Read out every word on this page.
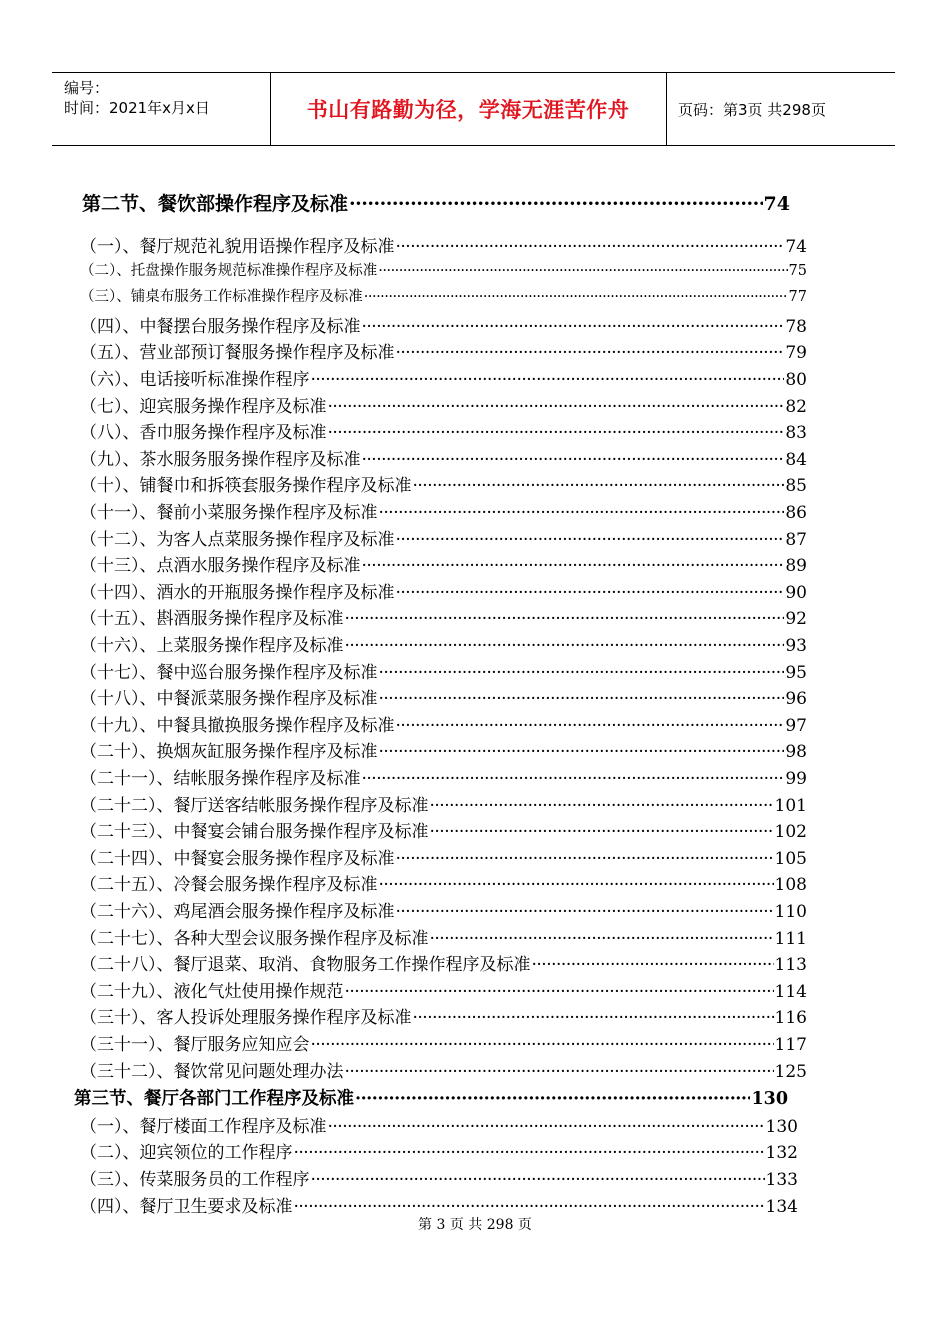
编号：
时间：2021年x月x日	书山有路勤为径，学海无涯苦作舟	页码：第3页 共298页
第二节、餐饮部操作程序及标准 ·····	74
（一）、餐厅规范礼貌用语操作程序及标准 ·····	74
（二）、托盘操作服务规范标准操作程序及标准 ·····	75
（三）、铺桌布服务工作标准操作程序及标准 ·····	77
（四）、中餐摆台服务操作程序及标准 ·····	78
（五）、营业部预订餐服务操作程序及标准 ·····	79
（六）、电话接听标准操作程序 ·····	80
（七）、迎宾服务操作程序及标准 ·····	82
（八）、香巾服务操作程序及标准 ·····	83
（九）、茶水服务服务操作程序及标准 ·····	84
（十）、铺餐巾和拆筷套服务操作程序及标准 ·····	85
（十一）、餐前小菜服务操作程序及标准 ·····	86
（十二）、为客人点菜服务操作程序及标准 ·····	87
（十三）、点酒水服务操作程序及标准 ·····	89
（十四）、酒水的开瓶服务操作程序及标准 ·····	90
（十五）、斟酒服务操作程序及标准 ·····	92
（十六）、上菜服务操作程序及标准 ·····	93
（十七）、餐中巡台服务操作程序及标准 ·····	95
（十八）、中餐派菜服务操作程序及标准 ·····	96
（十九）、中餐具撤换服务操作程序及标准 ·····	97
（二十）、换烟灰缸服务操作程序及标准 ·····	98
（二十一）、结帐服务操作程序及标准 ·····	99
（二十二）、餐厅送客结帐服务操作程序及标准 ·····	101
（二十三）、中餐宴会铺台服务操作程序及标准 ·····	102
（二十四）、中餐宴会服务操作程序及标准 ·····	105
（二十五）、冷餐会服务操作程序及标准 ·····	108
（二十六）、鸡尾酒会服务操作程序及标准 ·····	110
（二十七）、各种大型会议服务操作程序及标准 ·····	111
（二十八）、餐厅退菜、取消、食物服务工作操作程序及标准 ·····	113
（二十九）、液化气灶使用操作规范 ·····	114
（三十）、客人投诉处理服务操作程序及标准 ·····	116
（三十一）、餐厅服务应知应会 ·····	117
（三十二）、餐饮常见问题处理办法 ·····	125
第三节、餐厅各部门工作程序及标准 ·····	130
（一）、餐厅楼面工作程序及标准 ·····	130
（二）、迎宾领位的工作程序 ·····	132
（三）、传菜服务员的工作程序 ·····	133
（四）、餐厅卫生要求及标准 ·····	134
第 3 页 共 298 页
